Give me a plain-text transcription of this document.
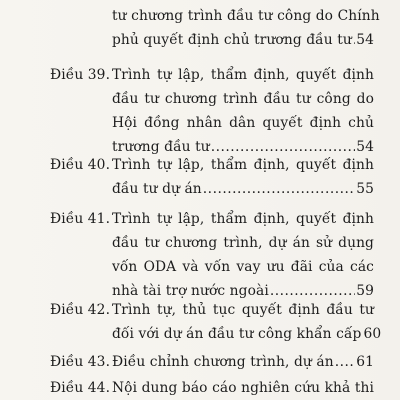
tư chương trình đầu tư công do Chính
phủ quyết định chủ trương đầu tư ..... 54
Điều 39. Trình tự lập, thẩm định, quyết định
đầu tư chương trình đầu tư công do
Hội đồng nhân dân quyết định chủ
trương đầu tư .....	54
Điều 40. Trình tự lập, thẩm định, quyết định
đầu tư dự án .....	55
Điều 41. Trình tự lập, thẩm định, quyết định
đầu tư chương trình, dự án sử dụng
vốn ODA và vốn vay ưu đãi của các
nhà tài trợ nước ngoài .....	59
Điều 42. Trình tự, thủ tục quyết định đầu tư
đối với dự án đầu tư công khẩn cấp 60
Điều 43. Điều chỉnh chương trình, dự án ..... 61
Điều 44. Nội dung báo cáo nghiên cứu khả thi
